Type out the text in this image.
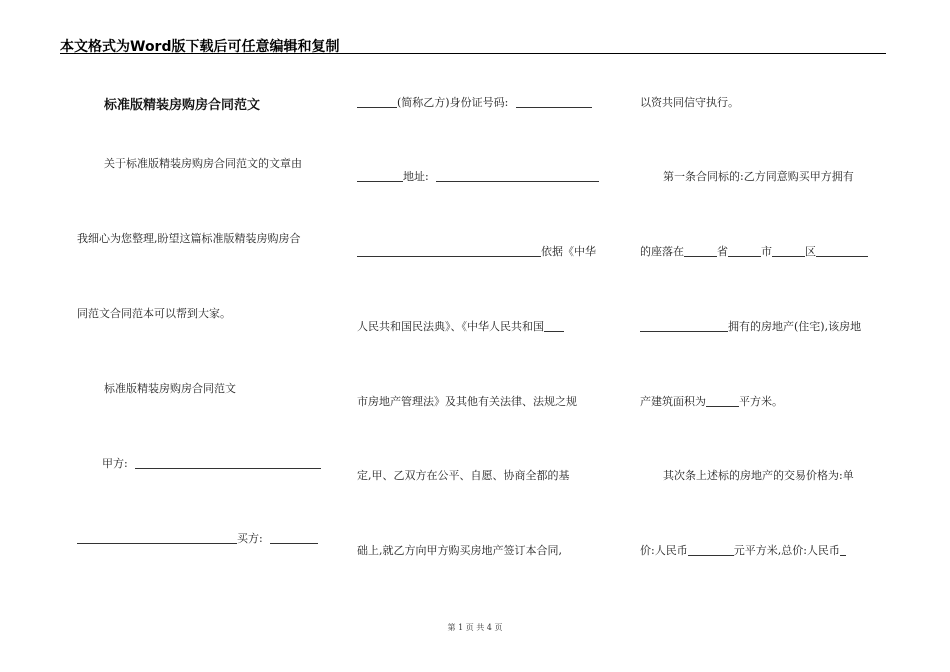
本文格式为Word版下载后可任意编辑和复制
标准版精装房购房合同范文
关于标准版精装房购房合同范文的文章由
我细心为您整理,盼望这篇标准版精装房购房合
同范文合同范本可以帮到大家。
标准版精装房购房合同范文
甲方:
买方:
(简称乙方)身份证号码:
地址:
依据《中华
人民共和国民法典》、《中华人民共和国
市房地产管理法》及其他有关法律、法规之规
定,甲、乙双方在公平、自愿、协商全都的基
础上,就乙方向甲方购买房地产签订本合同,
以资共同信守执行。
第一条合同标的:乙方同意购买甲方拥有
的座落在	省	市	区
拥有的房地产(住宅),该房地
产建筑面积为	平方米。
其次条上述标的房地产的交易价格为:单
价:人民币	元平方米,总价:人民币
第 1 页 共 4 页
